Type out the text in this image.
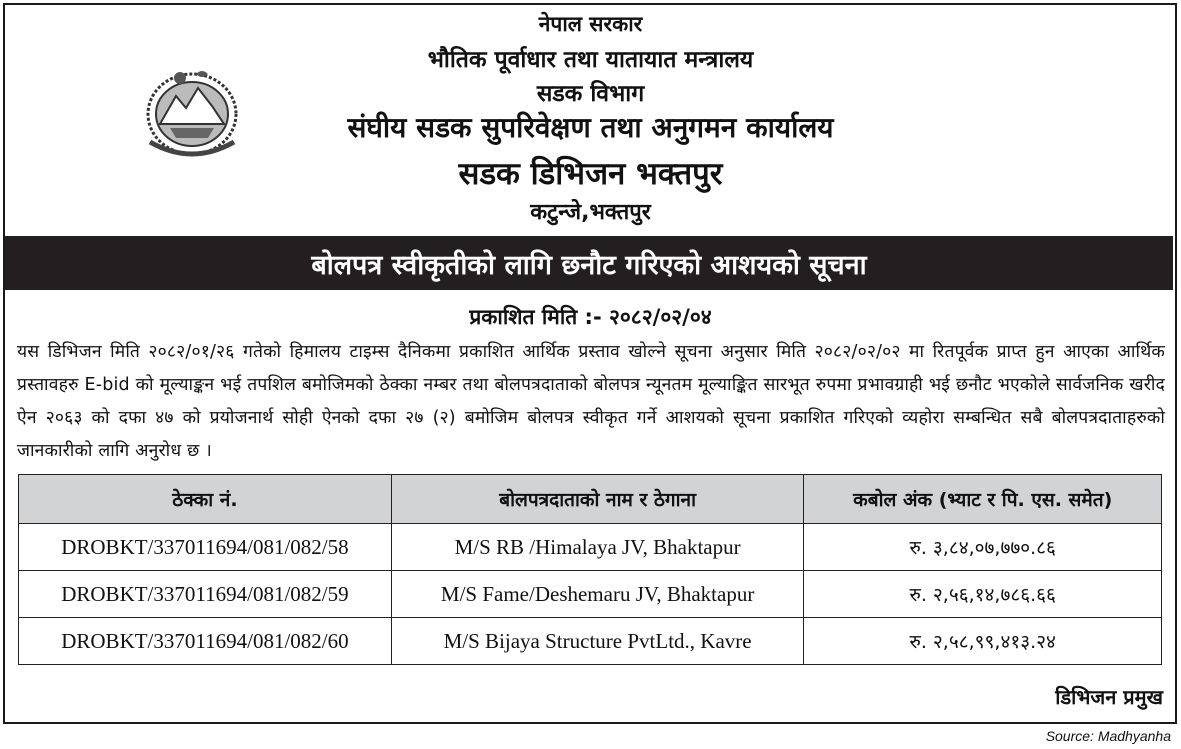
नेपाल सरकार
भौतिक पूर्वाधार तथा यातायात मन्त्रालय
सडक विभाग
संघीय सडक सुपरिवेक्षण तथा अनुगमन कार्यालय
सडक डिभिजन भक्तपुर
कटुन्जे,भक्तपुर
बोलपत्र स्वीकृतीको लागि छनौट गरिएको आशयको सूचना
प्रकाशित मिति :- २०८२/०२/०४
यस डिभिजन मिति २०८२/०१/२६ गतेको हिमालय टाइम्स दैनिकमा प्रकाशित आर्थिक प्रस्ताव खोल्ने सूचना अनुसार मिति २०८२/०२/०२ मा रितपूर्वक प्राप्त हुन आएका आर्थिक प्रस्तावहरु E-bid को मूल्याङ्कन भई तपशिल बमोजिमको ठेक्का नम्बर तथा बोलपत्रदाताको बोलपत्र न्यूनतम मूल्याङ्कित सारभूत रुपमा प्रभावग्राही भई छनौट भएकोले सार्वजनिक खरीद ऐन २०६३ को दफा ४७ को प्रयोजनार्थ सोही ऐनको दफा २७ (२) बमोजिम बोलपत्र स्वीकृत गर्ने आशयको सूचना प्रकाशित गरिएको व्यहोरा सम्बन्धित सबै बोलपत्रदाताहरुको जानकारीको लागि अनुरोध छ ।
ठेक्का नं.	बोलपत्रदाताको नाम र ठेगाना	कबोल अंक (भ्याट र पि. एस. समेत)
DROBKT/337011694/081/082/58	M/S RB /Himalaya JV, Bhaktapur	रु. ३,८४,०७,७७०.८६
DROBKT/337011694/081/082/59	M/S Fame/Deshemaru JV, Bhaktapur	रु. २,५६,१४,७८६.६६
DROBKT/337011694/081/082/60	M/S Bijaya Structure PvtLtd., Kavre	रु. २,५८,९९,४१३.२४
डिभिजन प्रमुख
Source: Madhyanha
